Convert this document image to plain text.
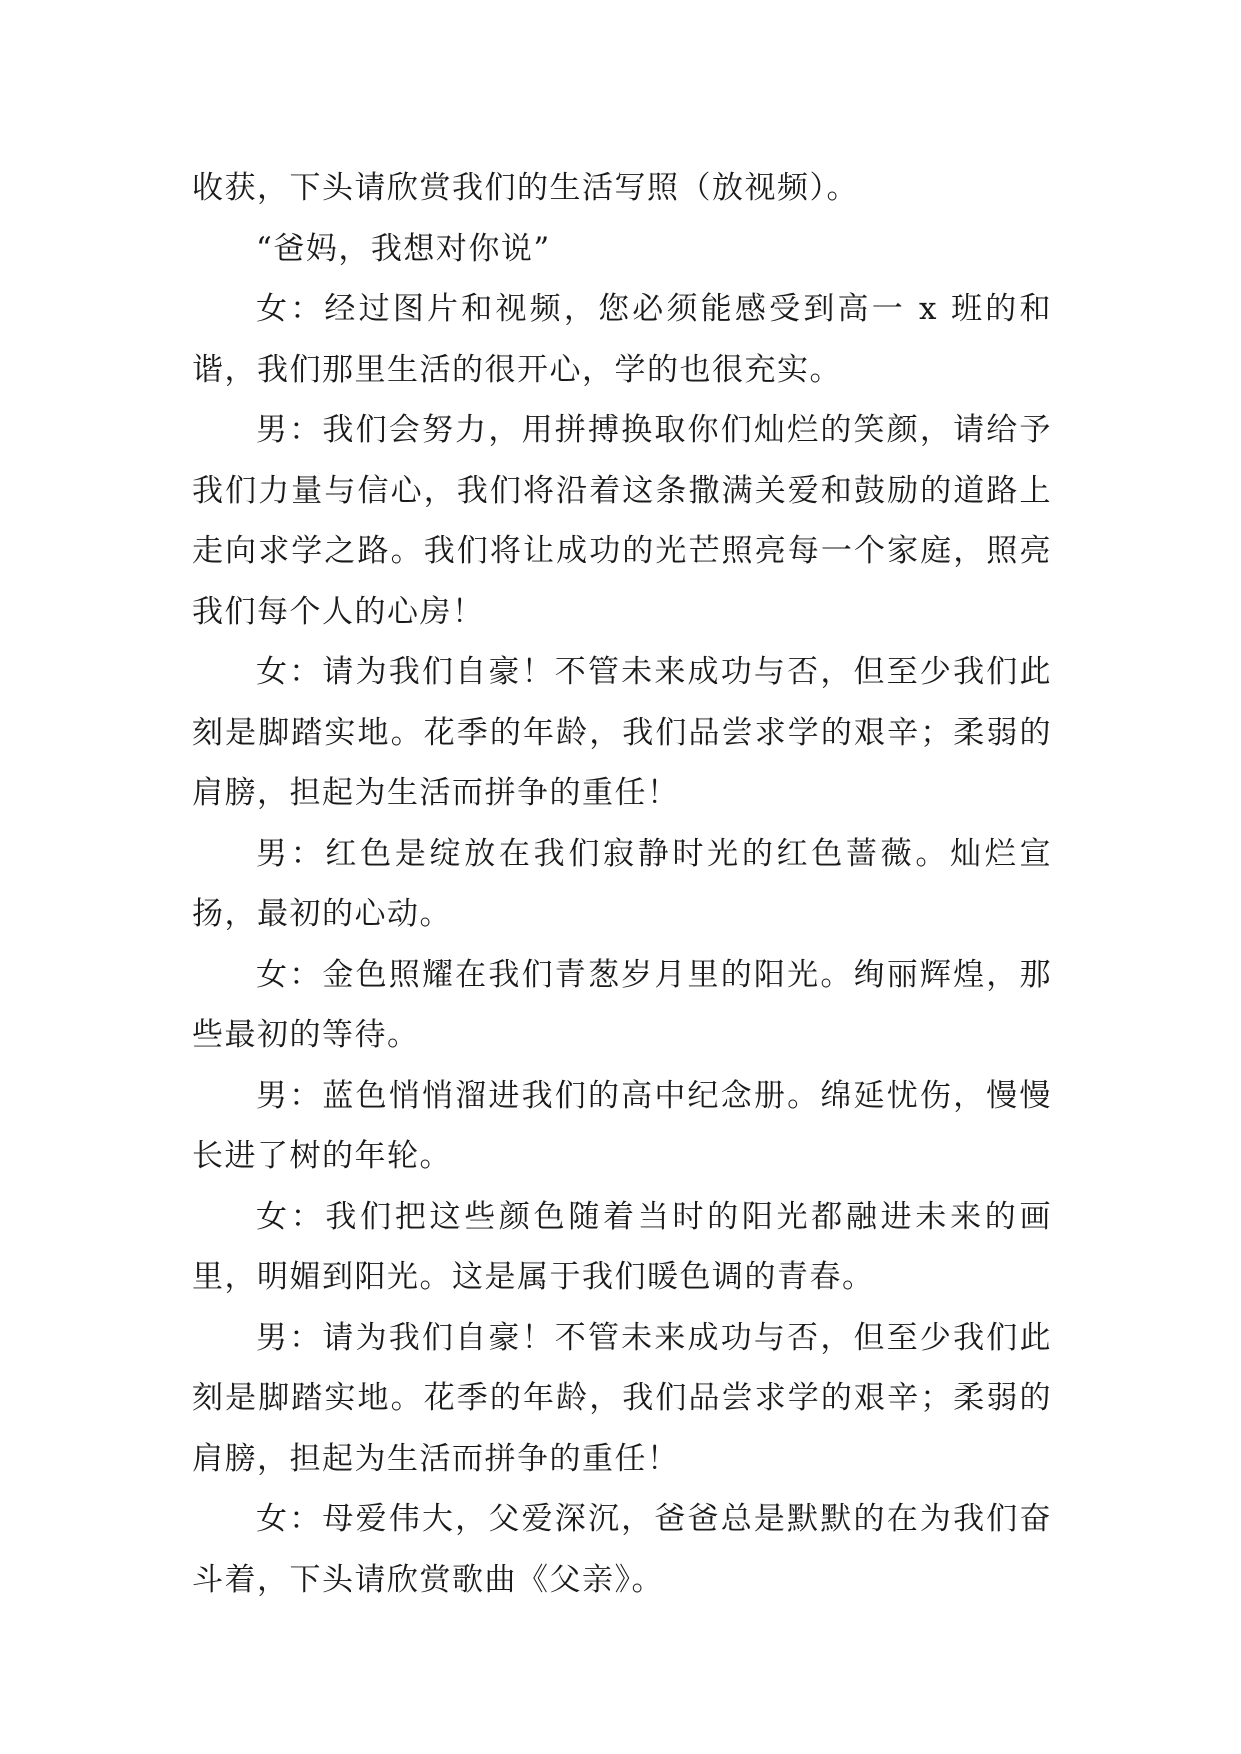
收获，下头请欣赏我们的生活写照（放视频）。

“爸妈，我想对你说”

女：经过图片和视频，您必须能感受到高一 x 班的和谐，我们那里生活的很开心，学的也很充实。

男：我们会努力，用拼搏换取你们灿烂的笑颜，请给予我们力量与信心，我们将沿着这条撒满关爱和鼓励的道路上走向求学之路。我们将让成功的光芒照亮每一个家庭，照亮我们每个人的心房！

女：请为我们自豪！不管未来成功与否，但至少我们此刻是脚踏实地。花季的年龄，我们品尝求学的艰辛；柔弱的肩膀，担起为生活而拼争的重任！

男：红色是绽放在我们寂静时光的红色蔷薇。灿烂宣扬，最初的心动。

女：金色照耀在我们青葱岁月里的阳光。绚丽辉煌，那些最初的等待。

男：蓝色悄悄溜进我们的高中纪念册。绵延忧伤，慢慢长进了树的年轮。

女：我们把这些颜色随着当时的阳光都融进未来的画里，明媚到阳光。这是属于我们暖色调的青春。

男：请为我们自豪！不管未来成功与否，但至少我们此刻是脚踏实地。花季的年龄，我们品尝求学的艰辛；柔弱的肩膀，担起为生活而拼争的重任！

女：母爱伟大，父爱深沉，爸爸总是默默的在为我们奋斗着，下头请欣赏歌曲《父亲》。
